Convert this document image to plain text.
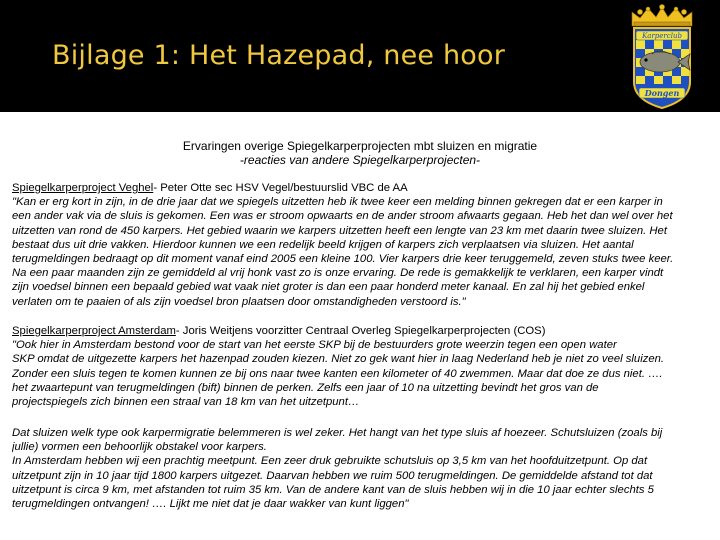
Bijlage 1: Het Hazepad, nee hoor
Karperclub
Dongen
Ervaringen overige Spiegelkarperprojecten mbt sluizen en migratie
-reacties van andere Spiegelkarperprojecten-
Spiegelkarperproject Veghel- Peter Otte sec HSV Vegel/bestuurslid VBC de AA
"Kan er erg kort in zijn, in de drie jaar dat we spiegels uitzetten heb ik twee keer een melding binnen gekregen dat er een karper in
een ander vak via de sluis is gekomen. Een was er stroom opwaarts en de ander stroom afwaarts gegaan. Heb het dan wel over het
uitzetten van rond de 450 karpers. Het gebied waarin we karpers uitzetten heeft een lengte van 23 km met daarin twee sluizen. Het
bestaat dus uit drie vakken. Hierdoor kunnen we een redelijk beeld krijgen of karpers zich verplaatsen via sluizen. Het aantal
terugmeldingen bedraagt op dit moment vanaf eind 2005 een kleine 100. Vier karpers drie keer teruggemeld, zeven stuks twee keer.
Na een paar maanden zijn ze gemiddeld al vrij honk vast zo is onze ervaring. De rede is gemakkelijk te verklaren, een karper vindt
zijn voedsel binnen een bepaald gebied wat vaak niet groter is dan een paar honderd meter kanaal. En zal hij het gebied enkel
verlaten om te paaien of als zijn voedsel bron plaatsen door omstandigheden verstoord is."
Spiegelkarperproject Amsterdam- Joris Weitjens voorzitter Centraal Overleg Spiegelkarperprojecten (COS)
"Ook hier in Amsterdam bestond voor de start van het eerste SKP bij de bestuurders grote weerzin tegen een open water
SKP omdat de uitgezette karpers het hazenpad zouden kiezen. Niet zo gek want hier in laag Nederland heb je niet zo veel sluizen.
Zonder een sluis tegen te komen kunnen ze bij ons naar twee kanten een kilometer of 40 zwemmen. Maar dat doe ze dus niet. ….
het zwaartepunt van terugmeldingen (bift) binnen de perken. Zelfs een jaar of 10 na uitzetting bevindt het gros van de
projectspiegels zich binnen een straal van 18 km van het uitzetpunt…
Dat sluizen welk type ook karpermigratie belemmeren is wel zeker. Het hangt van het type sluis af hoezeer. Schutsluizen (zoals bij
jullie) vormen een behoorlijk obstakel voor karpers.
In Amsterdam hebben wij een prachtig meetpunt. Een zeer druk gebruikte schutsluis op 3,5 km van het hoofduitzetpunt. Op dat
uitzetpunt zijn in 10 jaar tijd 1800 karpers uitgezet. Daarvan hebben we ruim 500 terugmeldingen. De gemiddelde afstand tot dat
uitzetpunt is circa 9 km, met afstanden tot ruim 35 km. Van de andere kant van de sluis hebben wij in die 10 jaar echter slechts 5
terugmeldingen ontvangen! …. Lijkt me niet dat je daar wakker van kunt liggen"
